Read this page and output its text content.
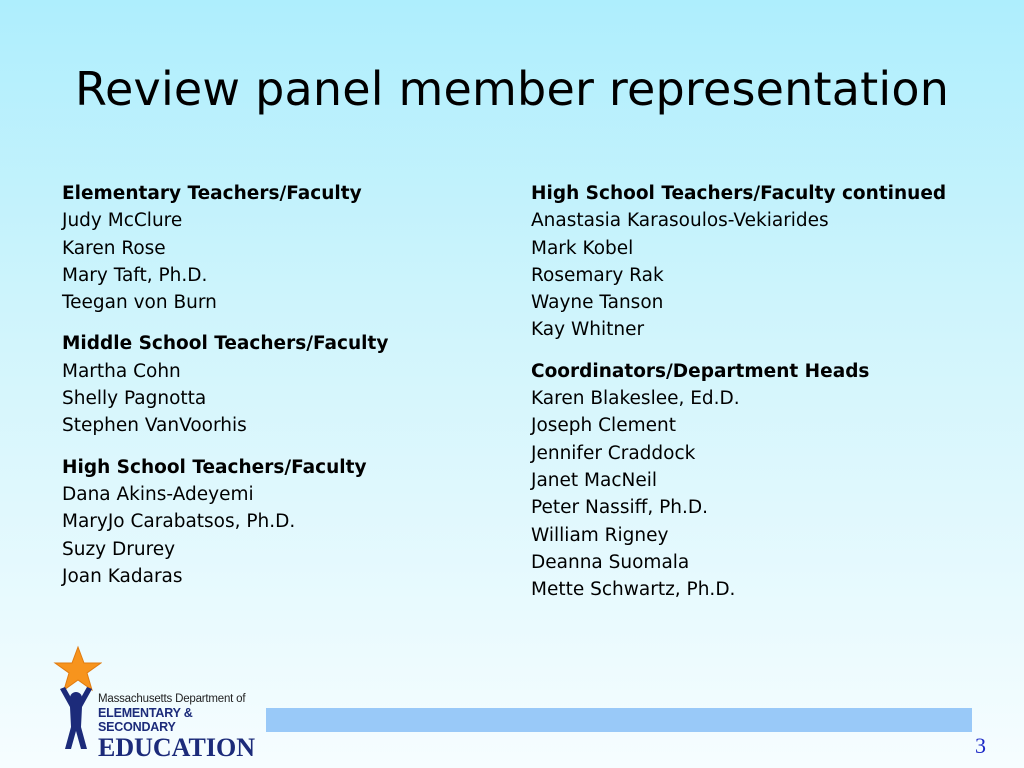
Review panel member representation
Elementary Teachers/Faculty
Judy McClure
Karen Rose
Mary Taft, Ph.D.
Teegan von Burn
Middle School Teachers/Faculty
Martha Cohn
Shelly Pagnotta
Stephen VanVoorhis
High School Teachers/Faculty
Dana Akins-Adeyemi
MaryJo Carabatsos, Ph.D.
Suzy Drurey
Joan Kadaras
High School Teachers/Faculty continued
Anastasia Karasoulos-Vekiarides
Mark Kobel
Rosemary Rak
Wayne Tanson
Kay Whitner
Coordinators/Department Heads
Karen Blakeslee, Ed.D.
Joseph Clement
Jennifer Craddock
Janet MacNeil
Peter Nassiff, Ph.D.
William Rigney
Deanna Suomala
Mette Schwartz, Ph.D.
Massachusetts Department of
ELEMENTARY & SECONDARY
EDUCATION	3
